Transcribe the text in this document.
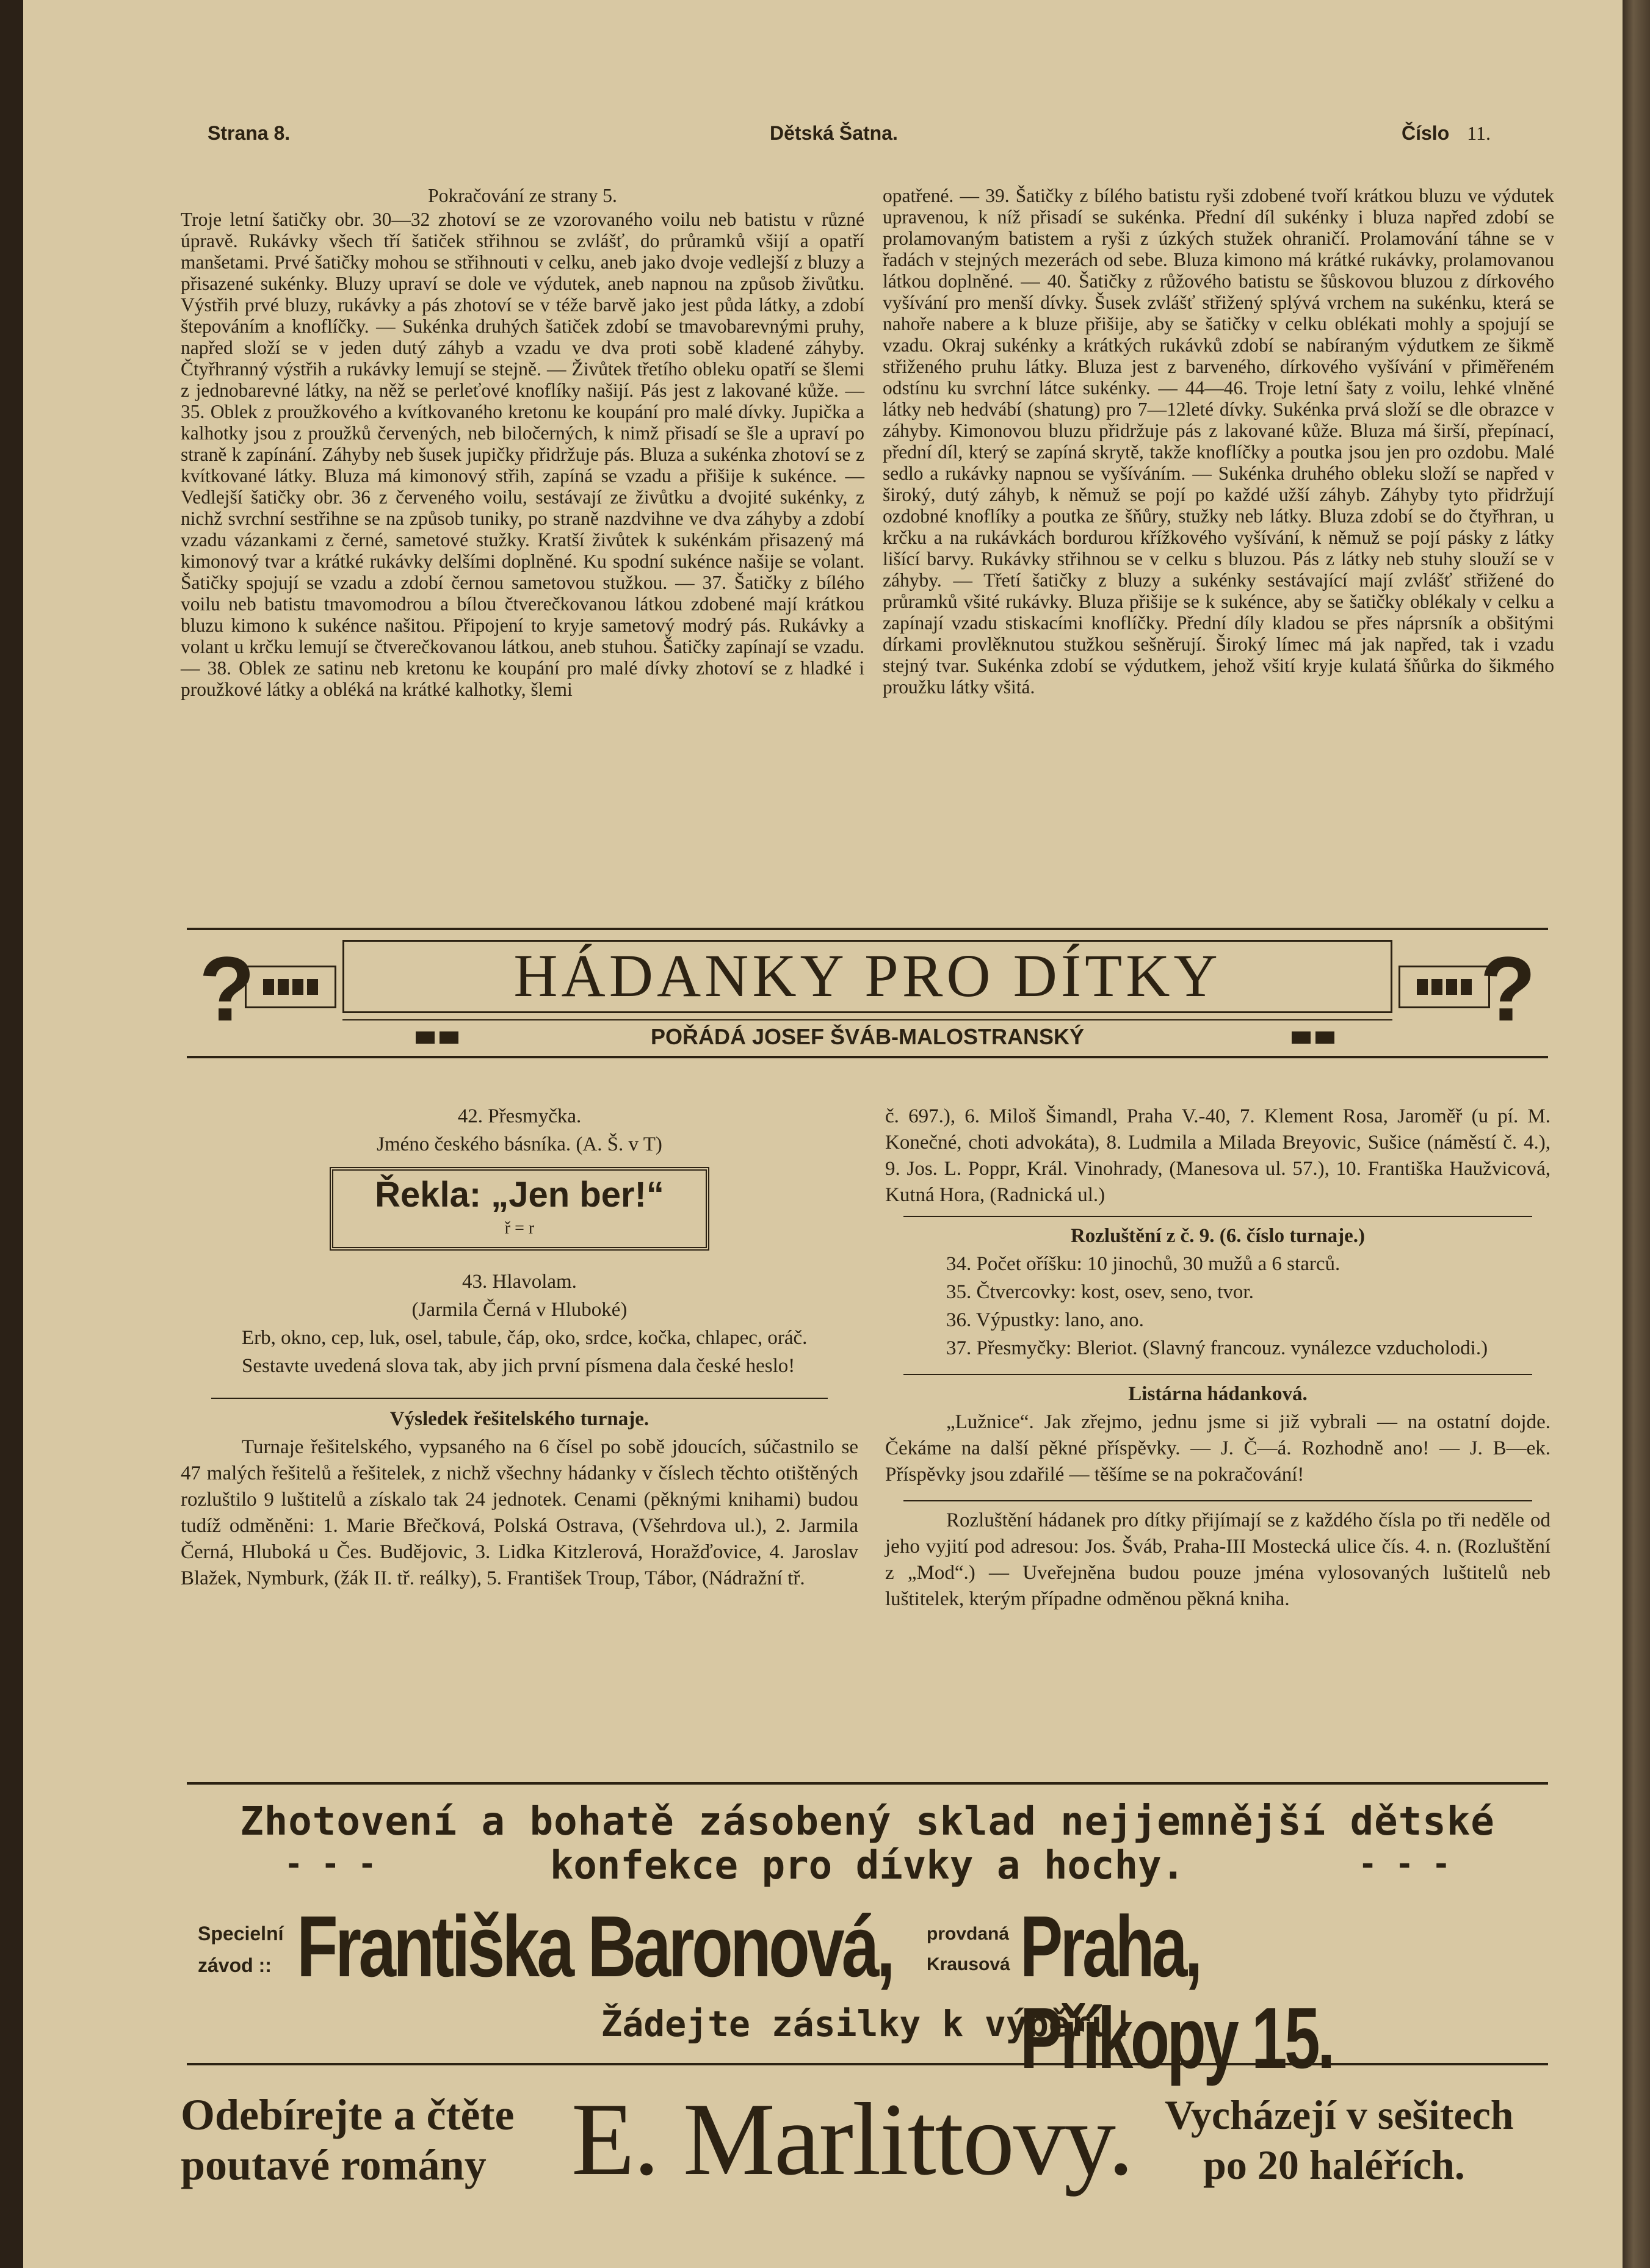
Strana 8.	Dětská Šatna.	Číslo 11.

Pokračování ze strany 5.

Troje letní šatičky obr. 30—32 zhotoví se ze vzorovaného voilu neb batistu v různé úpravě. Rukávky všech tří šatiček střihnou se zvlášť, do průramků všijí a opatří manšetami. Prvé šatičky mohou se střihnouti v celku, aneb jako dvoje vedlejší z bluzy a přisazené sukénky. Bluzy upraví se dole ve výdutek, aneb napnou na způsob živůtku. Výstřih prvé bluzy, rukávky a pás zhotoví se v téže barvě jako jest půda látky, a zdobí štepováním a knoflíčky. — Sukénka druhých šatiček zdobí se tmavobarevnými pruhy, napřed složí se v jeden dutý záhyb a vzadu ve dva proti sobě kladené záhyby. Čtyřhranný výstřih a rukávky lemují se stejně. — Živůtek třetího obleku opatří se šlemi z jednobarevné látky, na něž se perleťové knoflíky našijí. Pás jest z lakované kůže. — 35. Oblek z proužkového a kvítkovaného kretonu ke koupání pro malé dívky. Jupička a kalhotky jsou z proužků červených, neb biločerných, k nimž přisadí se šle a upraví po straně k zapínání. Záhyby neb šusek jupičky přidržuje pás. Bluza a sukénka zhotoví se z kvítkované látky. Bluza má kimonový střih, zapíná se vzadu a přišije k sukénce. — Vedlejší šatičky obr. 36 z červeného voilu, sestávají ze živůtku a dvojité sukénky, z nichž svrchní sestřihne se na způsob tuniky, po straně nazdvihne ve dva záhyby a zdobí vzadu vázankami z černé, sametové stužky. Kratší živůtek k sukénkám přisazený má kimonový tvar a krátké rukávky delšími doplněné. Ku spodní sukénce našije se volant. Šatičky spojují se vzadu a zdobí černou sametovou stužkou. — 37. Šatičky z bílého voilu neb batistu tmavomodrou a bílou čtverečkovanou látkou zdobené mají krátkou bluzu kimono k sukénce našitou. Připojení to kryje sametový modrý pás. Rukávky a volant u krčku lemují se čtverečkovanou látkou, aneb stuhou. Šatičky zapínají se vzadu. — 38. Oblek ze satinu neb kretonu ke koupání pro malé dívky zhotoví se z hladké i proužkové látky a obléká na krátké kalhotky, šlemi

opatřené. — 39. Šatičky z bílého batistu ryši zdobené tvoří krátkou bluzu ve výdutek upravenou, k níž přisadí se sukénka. Přední díl sukénky i bluza napřed zdobí se prolamovaným batistem a ryši z úzkých stužek ohraničí. Prolamování táhne se v řadách v stejných mezerách od sebe. Bluza kimono má krátké rukávky, prolamovanou látkou doplněné. — 40. Šatičky z růžového batistu se šůskovou bluzou z dírkového vyšívání pro menší dívky. Šusek zvlášť střižený splývá vrchem na sukénku, která se nahoře nabere a k bluze přišije, aby se šatičky v celku oblékati mohly a spojují se vzadu. Okraj sukénky a krátkých rukávků zdobí se nabíraným výdutkem ze šikmě střiženého pruhu látky. Bluza jest z barveného, dírkového vyšívání v přiměřeném odstínu ku svrchní látce sukénky. — 44—46. Troje letní šaty z voilu, lehké vlněné látky neb hedvábí (shatung) pro 7—12leté dívky. Sukénka prvá složí se dle obrazce v záhyby. Kimonovou bluzu přidržuje pás z lakované kůže. Bluza má širší, přepínací, přední díl, který se zapíná skrytě, takže knoflíčky a poutka jsou jen pro ozdobu. Malé sedlo a rukávky napnou se vyšíváním. — Sukénka druhého obleku složí se napřed v široký, dutý záhyb, k němuž se pojí po každé užší záhyb. Záhyby tyto přidržují ozdobné knoflíky a poutka ze šňůry, stužky neb látky. Bluza zdobí se do čtyřhran, u krčku a na rukávkách bordurou křížkového vyšívání, k němuž se pojí pásky z látky lišící barvy. Rukávky střihnou se v celku s bluzou. Pás z látky neb stuhy slouží se v záhyby. — Třetí šatičky z bluzy a sukénky sestávající mají zvlášť střižené do průramků všité rukávky. Bluza přišije se k sukénce, aby se šatičky oblékaly v celku a zapínají vzadu stiskacími knoflíčky. Přední díly kladou se přes náprsník a obšitými dírkami provlěknutou stužkou sešněrují. Široký límec má jak napřed, tak i vzadu stejný tvar. Sukénka zdobí se výdutkem, jehož všití kryje kulatá šňůrka do šikmého proužku látky všitá.

?	?
HÁDANKY PRO DÍTKY
POŘÁDÁ JOSEF ŠVÁB-MALOSTRANSKÝ

42. Přesmyčka.

Jméno českého básníka. (A. Š. v T)

Řekla: „Jen ber!“
ř = r

43. Hlavolam.

(Jarmila Černá v Hluboké)

Erb, okno, cep, luk, osel, tabule, čáp, oko, srdce, kočka, chlapec, oráč.

Sestavte uvedená slova tak, aby jich první písmena dala české heslo!

Výsledek řešitelského turnaje.

Turnaje řešitelského, vypsaného na 6 čísel po sobě jdoucích, súčastnilo se 47 malých řešitelů a řešitelek, z nichž všechny hádanky v číslech těchto otištěných rozluštilo 9 luštitelů a získalo tak 24 jednotek. Cenami (pěknými knihami) budou tudíž odměněni: 1. Marie Břečková, Polská Ostrava, (Všehrdova ul.), 2. Jarmila Černá, Hluboká u Čes. Budějovic, 3. Lidka Kitzlerová, Horažďovice, 4. Jaroslav Blažek, Nymburk, (žák II. tř. reálky), 5. František Troup, Tábor, (Nádražní tř.

č. 697.), 6. Miloš Šimandl, Praha V.-40, 7. Klement Rosa, Jaroměř (u pí. M. Konečné, choti advokáta), 8. Ludmila a Milada Breyovic, Sušice (náměstí č. 4.), 9. Jos. L. Poppr, Král. Vinohrady, (Manesova ul. 57.), 10. Františka Haužvicová, Kutná Hora, (Radnická ul.)

Rozluštění z č. 9. (6. číslo turnaje.)

34. Počet oříšku: 10 jinochů, 30 mužů a 6 starců.

35. Čtvercovky: kost, osev, seno, tvor.

36. Výpustky: lano, ano.

37. Přesmyčky: Bleriot. (Slavný francouz. vynálezce vzducholodi.)

Listárna hádanková.

„Lužnice“. Jak zřejmo, jednu jsme si již vybrali — na ostatní dojde. Čekáme na další pěkné příspěvky. — J. Č—á. Rozhodně ano! — J. B—ek. Příspěvky jsou zdařilé — těšíme se na pokračování!

Rozluštění hádanek pro dítky přijímají se z každého čísla po tři neděle od jeho vyjití pod adresou: Jos. Šváb, Praha-III Mostecká ulice čís. 4. n. (Rozluštění z „Mod“.) — Uveřejněna budou pouze jména vylosovaných luštitelů neb luštitelek, kterým případne odměnou pěkná kniha.

Zhotovení a bohatě zásobený sklad nejjemnější dětské
- - -	- - -
konfekce pro dívky a hochy.
Specielní
závod :: Františka Baronová, provdaná
Krausová Praha, Příkopy 15.
Žádejte zásilky k výběru!
Odebírejte a čtěte
poutavé romány E. Marlittovy. Vycházejí v sešitech
po 20 haléřích.
